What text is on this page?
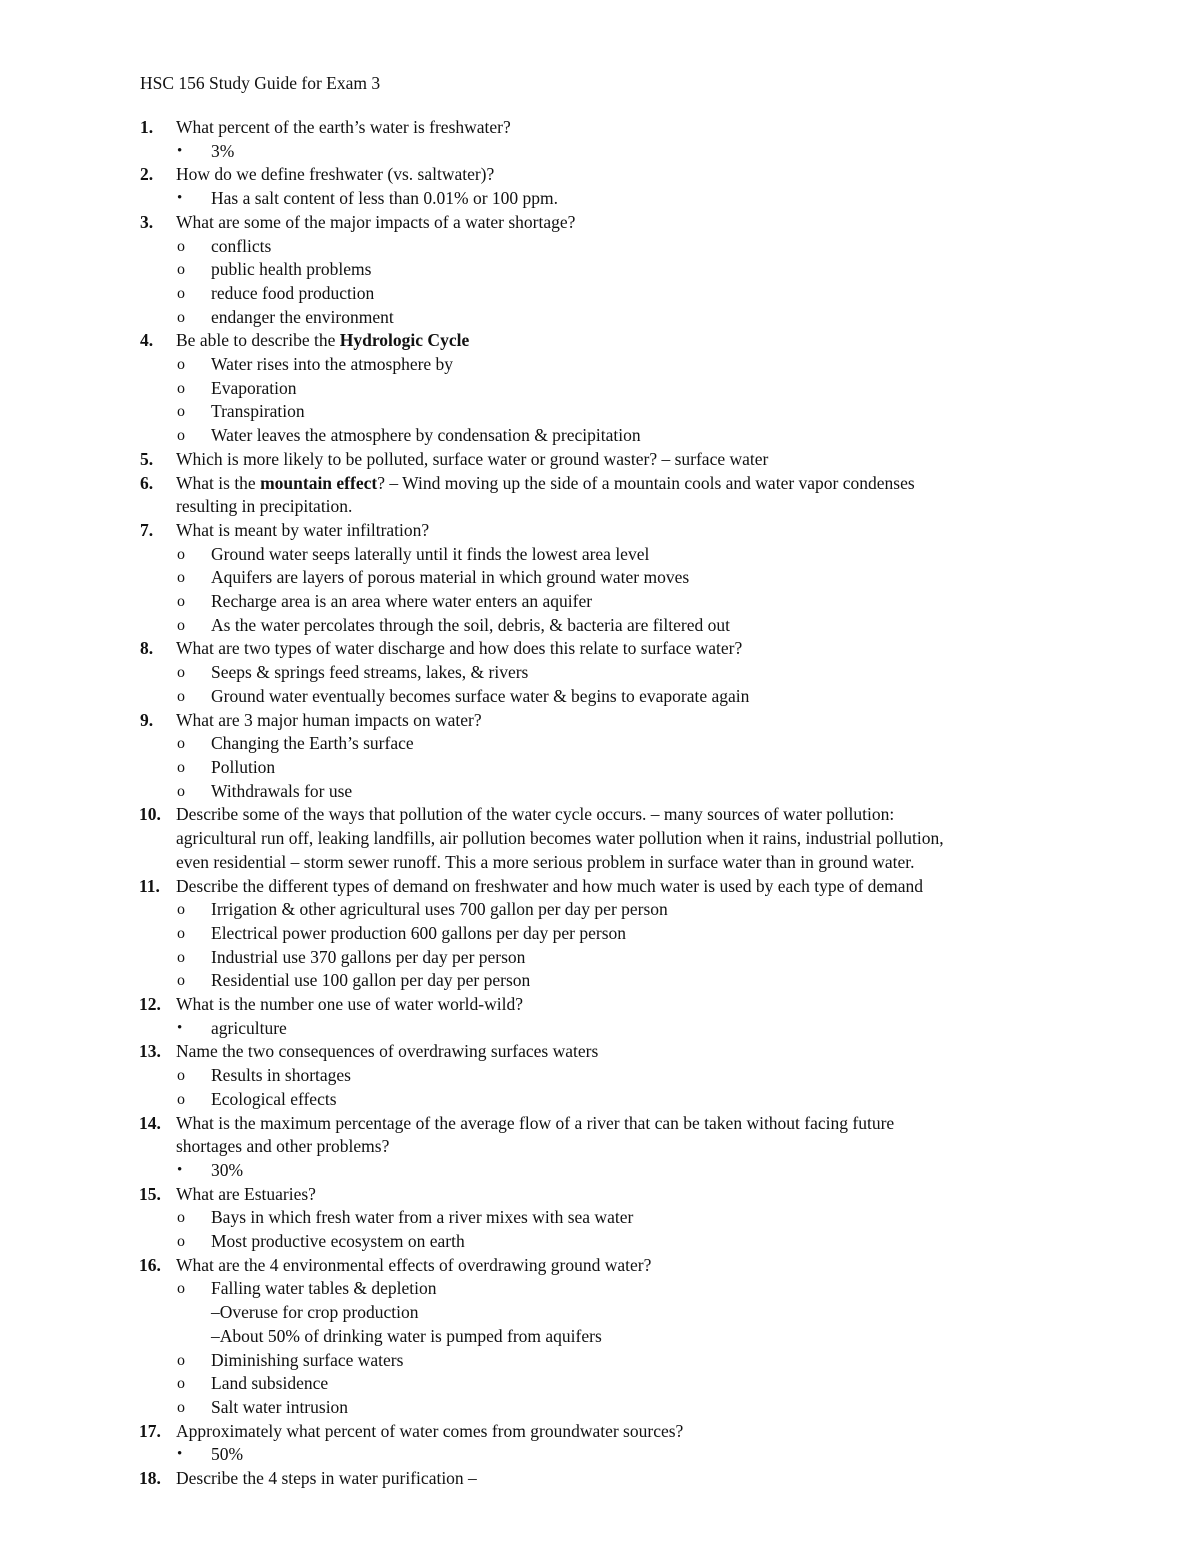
HSC 156 Study Guide for Exam 3
1. What percent of the earth’s water is freshwater?
• 3%
2. How do we define freshwater (vs. saltwater)?
• Has a salt content of less than 0.01% or 100 ppm.
3. What are some of the major impacts of a water shortage?
o conflicts
o public health problems
o reduce food production
o endanger the environment
4. Be able to describe the Hydrologic Cycle
o Water rises into the atmosphere by
o Evaporation
o Transpiration
o Water leaves the atmosphere by condensation & precipitation
5. Which is more likely to be polluted, surface water or ground waster? – surface water
6. What is the mountain effect? – Wind moving up the side of a mountain cools and water vapor condenses
resulting in precipitation.
7. What is meant by water infiltration?
o Ground water seeps laterally until it finds the lowest area level
o Aquifers are layers of porous material in which ground water moves
o Recharge area is an area where water enters an aquifer
o As the water percolates through the soil, debris, & bacteria are filtered out
8. What are two types of water discharge and how does this relate to surface water?
o Seeps & springs feed streams, lakes, & rivers
o Ground water eventually becomes surface water & begins to evaporate again
9. What are 3 major human impacts on water?
o Changing the Earth’s surface
o Pollution
o Withdrawals for use
10. Describe some of the ways that pollution of the water cycle occurs. – many sources of water pollution:
agricultural run off, leaking landfills, air pollution becomes water pollution when it rains, industrial pollution,
even residential – storm sewer runoff. This a more serious problem in surface water than in ground water.
11. Describe the different types of demand on freshwater and how much water is used by each type of demand
o Irrigation & other agricultural uses 700 gallon per day per person
o Electrical power production 600 gallons per day per person
o Industrial use 370 gallons per day per person
o Residential use 100 gallon per day per person
12. What is the number one use of water world-wild?
• agriculture
13. Name the two consequences of overdrawing surfaces waters
o Results in shortages
o Ecological effects
14. What is the maximum percentage of the average flow of a river that can be taken without facing future
shortages and other problems?
• 30%
15. What are Estuaries?
o Bays in which fresh water from a river mixes with sea water
o Most productive ecosystem on earth
16. What are the 4 environmental effects of overdrawing ground water?
o Falling water tables & depletion
–Overuse for crop production
–About 50% of drinking water is pumped from aquifers
o Diminishing surface waters
o Land subsidence
o Salt water intrusion
17. Approximately what percent of water comes from groundwater sources?
• 50%
18. Describe the 4 steps in water purification –
